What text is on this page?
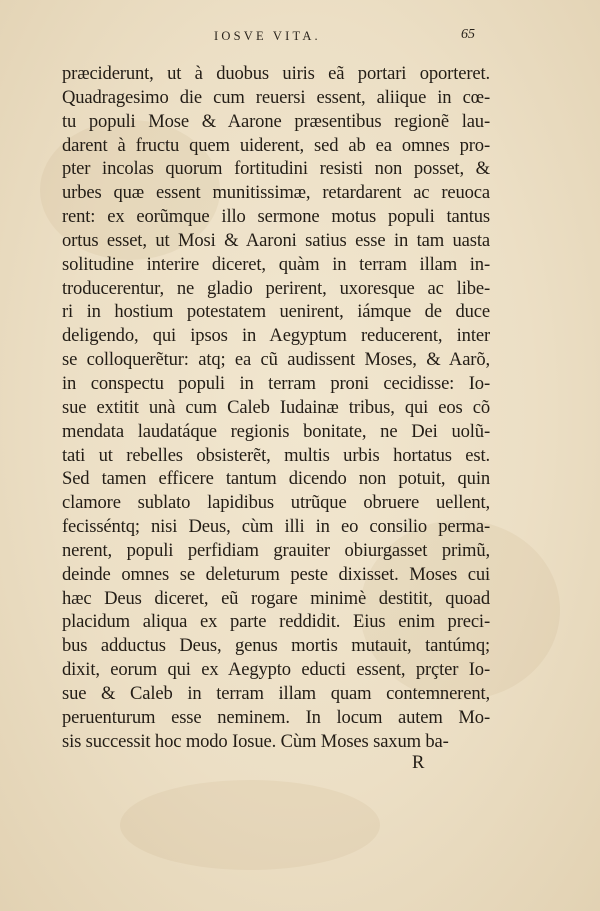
IOSVE VITA.	65
præciderunt, ut à duobus uiris eã portari oporteret.
Quadragesimo die cum reuersi essent, aliique in cœ-
tu populi Mose & Aarone præsentibus regionẽ lau-
darent à fructu quem uiderent, sed ab ea omnes pro-
pter incolas quorum fortitudini resisti non posset, &
urbes quæ essent munitissimæ, retardarent ac reuoca
rent: ex eorũmque illo sermone motus populi tantus
ortus esset, ut Mosi & Aaroni satius esse in tam uasta
solitudine interire diceret, quàm in terram illam in-
troducerentur, ne gladio perirent, uxoresque ac libe-
ri in hostium potestatem uenirent, iámque de duce
deligendo, qui ipsos in Aegyptum reducerent, inter
se colloquerẽtur: atq; ea cũ audissent Moses, & Aarõ,
in conspectu populi in terram proni cecidisse: Io-
sue extitit unà cum Caleb Iudainæ tribus, qui eos cõ
mendata laudatáque regionis bonitate, ne Dei uolũ-
tati ut rebelles obsisterẽt, multis urbis hortatus est.
Sed tamen efficere tantum dicendo non potuit, quin
clamore sublato lapidibus utrũque obruere uellent,
fecisséntq; nisi Deus, cùm illi in eo consilio perma-
nerent, populi perfidiam grauiter obiurgasset primũ,
deinde omnes se deleturum peste dixisset. Moses cui
hæc Deus diceret, eũ rogare minimè destitit, quoad
placidum aliqua ex parte reddidit. Eius enim preci-
bus adductus Deus, genus mortis mutauit, tantúmq;
dixit, eorum qui ex Aegypto educti essent, prçter Io-
sue & Caleb in terram illam quam contemnerent,
peruenturum esse neminem. In locum autem Mo-
sis successit hoc modo Iosue. Cùm Moses saxum ba-
R
